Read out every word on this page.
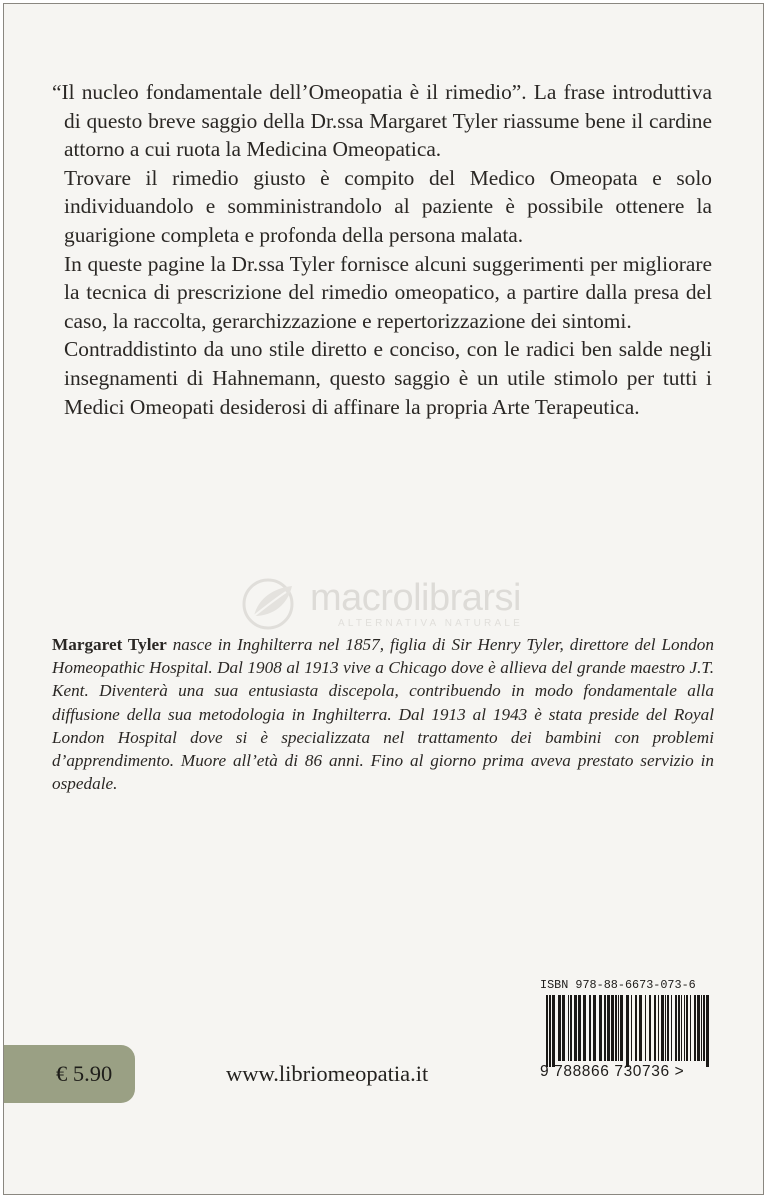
“Il nucleo fondamentale dell’Omeopatia è il rimedio”. La frase introduttiva di questo breve saggio della Dr.ssa Margaret Tyler riassume bene il cardine attorno a cui ruota la Medicina Omeopatica.

Trovare il rimedio giusto è compito del Medico Omeopata e solo individuandolo e somministrandolo al paziente è possibile ottenere la guarigione completa e profonda della persona malata.

In queste pagine la Dr.ssa Tyler fornisce alcuni suggerimenti per migliorare la tecnica di prescrizione del rimedio omeopatico, a partire dalla presa del caso, la raccolta, gerarchizzazione e repertorizzazione dei sintomi.

Contraddistinto da uno stile diretto e conciso, con le radici ben salde negli insegnamenti di Hahnemann, questo saggio è un utile stimolo per tutti i Medici Omeopati desiderosi di affinare la propria Arte Terapeutica.

macrolibrarsi
ALTERNATIVA NATURALE
Margaret Tyler nasce in Inghilterra nel 1857, figlia di Sir Henry Tyler, direttore del London Homeopathic Hospital. Dal 1908 al 1913 vive a Chicago dove è allieva del grande maestro J.T. Kent. Diventerà una sua entusiasta discepola, contribuendo in modo fondamentale alla diffusione della sua metodologia in Inghilterra. Dal 1913 al 1943 è stata preside del Royal London Hospital dove si è specializzata nel trattamento dei bambini con problemi d’apprendimento. Muore all’età di 86 anni. Fino al giorno prima aveva prestato servizio in ospedale.
ISBN 978-88-6673-073-6
9 788866 730736 >
€ 5.90	www.libriomeopatia.it
